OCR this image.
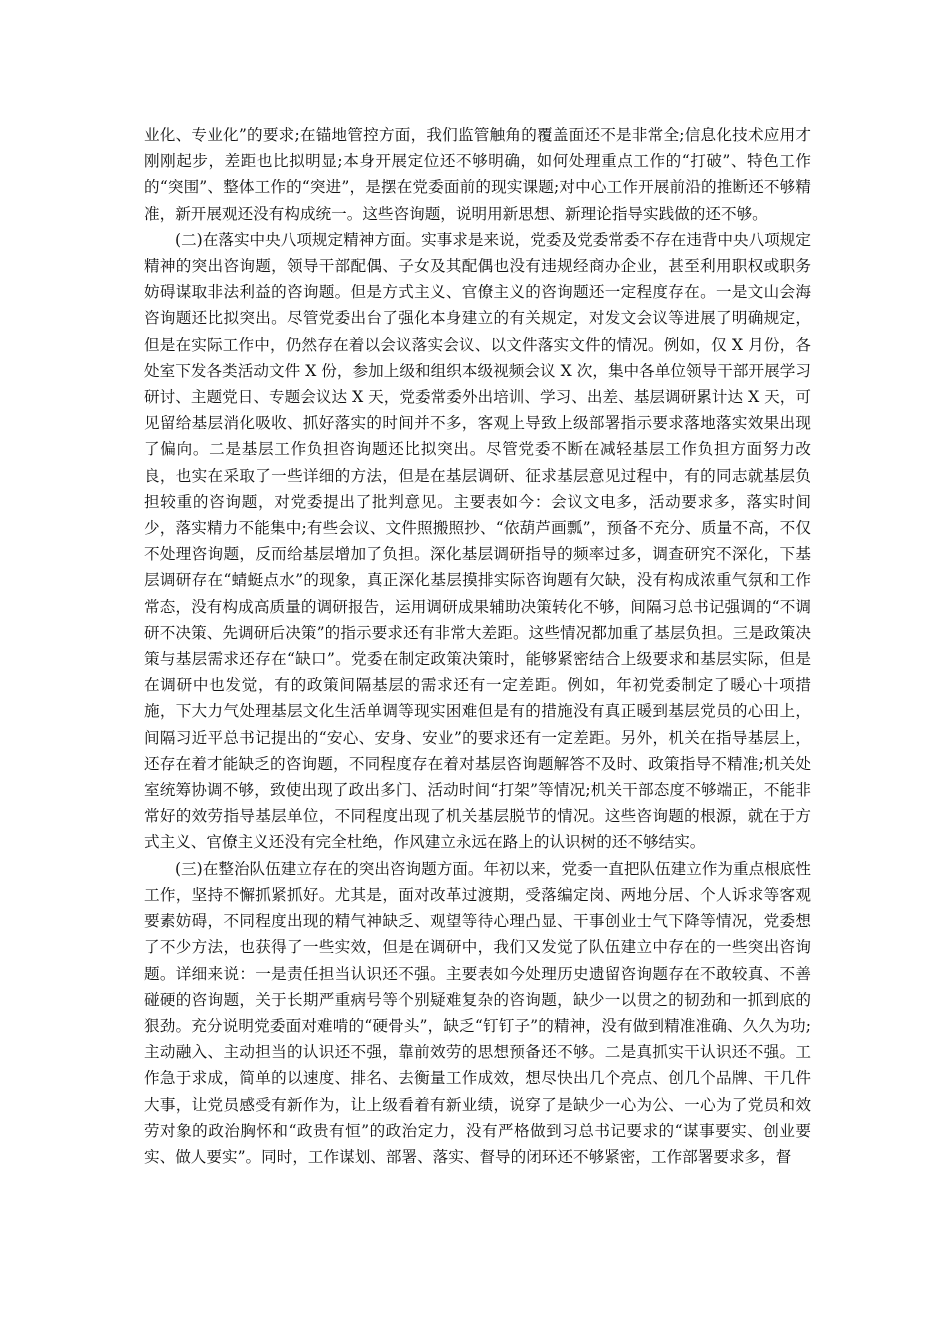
业化、专业化”的要求;在锚地管控方面，我们监管触角的覆盖面还不是非常全;信息化技术应用才刚刚起步，差距也比拟明显;本身开展定位还不够明确，如何处理重点工作的“打破”、特色工作的“突围”、整体工作的“突进”，是摆在党委面前的现实课题;对中心工作开展前沿的推断还不够精准，新开展观还没有构成统一。这些咨询题，说明用新思想、新理论指导实践做的还不够。

(二)在落实中央八项规定精神方面。实事求是来说，党委及党委常委不存在违背中央八项规定精神的突出咨询题，领导干部配偶、子女及其配偶也没有违规经商办企业，甚至利用职权或职务妨碍谋取非法利益的咨询题。但是方式主义、官僚主义的咨询题还一定程度存在。一是文山会海咨询题还比拟突出。尽管党委出台了强化本身建立的有关规定，对发文会议等进展了明确规定，但是在实际工作中，仍然存在着以会议落实会议、以文件落实文件的情况。例如，仅 X 月份，各处室下发各类活动文件 X 份，参加上级和组织本级视频会议 X 次，集中各单位领导干部开展学习研讨、主题党日、专题会议达 X 天，党委常委外出培训、学习、出差、基层调研累计达 X 天，可见留给基层消化吸收、抓好落实的时间并不多，客观上导致上级部署指示要求落地落实效果出现了偏向。二是基层工作负担咨询题还比拟突出。尽管党委不断在减轻基层工作负担方面努力改良，也实在采取了一些详细的方法，但是在基层调研、征求基层意见过程中，有的同志就基层负担较重的咨询题，对党委提出了批判意见。主要表如今：会议文电多，活动要求多，落实时间少，落实精力不能集中;有些会议、文件照搬照抄、“依葫芦画瓢”，预备不充分、质量不高，不仅不处理咨询题，反而给基层增加了负担。深化基层调研指导的频率过多，调查研究不深化，下基层调研存在“蜻蜓点水”的现象，真正深化基层摸排实际咨询题有欠缺，没有构成浓重气氛和工作常态，没有构成高质量的调研报告，运用调研成果辅助决策转化不够，间隔习总书记强调的“不调研不决策、先调研后决策”的指示要求还有非常大差距。这些情况都加重了基层负担。三是政策决策与基层需求还存在“缺口”。党委在制定政策决策时，能够紧密结合上级要求和基层实际，但是在调研中也发觉，有的政策间隔基层的需求还有一定差距。例如，年初党委制定了暖心十项措施，下大力气处理基层文化生活单调等现实困难但是有的措施没有真正暖到基层党员的心田上，间隔习近平总书记提出的“安心、安身、安业”的要求还有一定差距。另外，机关在指导基层上，还存在着才能缺乏的咨询题，不同程度存在着对基层咨询题解答不及时、政策指导不精准;机关处室统筹协调不够，致使出现了政出多门、活动时间“打架”等情况;机关干部态度不够端正，不能非常好的效劳指导基层单位，不同程度出现了机关基层脱节的情况。这些咨询题的根源，就在于方式主义、官僚主义还没有完全杜绝，作风建立永远在路上的认识树的还不够结实。

(三)在整治队伍建立存在的突出咨询题方面。年初以来，党委一直把队伍建立作为重点根底性工作，坚持不懈抓紧抓好。尤其是，面对改革过渡期，受落编定岗、两地分居、个人诉求等客观要素妨碍，不同程度出现的精气神缺乏、观望等待心理凸显、干事创业士气下降等情况，党委想了不少方法，也获得了一些实效，但是在调研中，我们又发觉了队伍建立中存在的一些突出咨询题。详细来说：一是责任担当认识还不强。主要表如今处理历史遗留咨询题存在不敢较真、不善碰硬的咨询题，关于长期严重病号等个别疑难复杂的咨询题，缺少一以贯之的韧劲和一抓到底的狠劲。充分说明党委面对难啃的“硬骨头”，缺乏“钉钉子”的精神，没有做到精准准确、久久为功;主动融入、主动担当的认识还不强，靠前效劳的思想预备还不够。二是真抓实干认识还不强。工作急于求成，简单的以速度、排名、去衡量工作成效，想尽快出几个亮点、创几个品牌、干几件大事，让党员感受有新作为，让上级看着有新业绩，说穿了是缺少一心为公、一心为了党员和效劳对象的政治胸怀和“政贵有恒”的政治定力，没有严格做到习总书记要求的“谋事要实、创业要实、做人要实”。同时，工作谋划、部署、落实、督导的闭环还不够紧密，工作部署要求多，督
